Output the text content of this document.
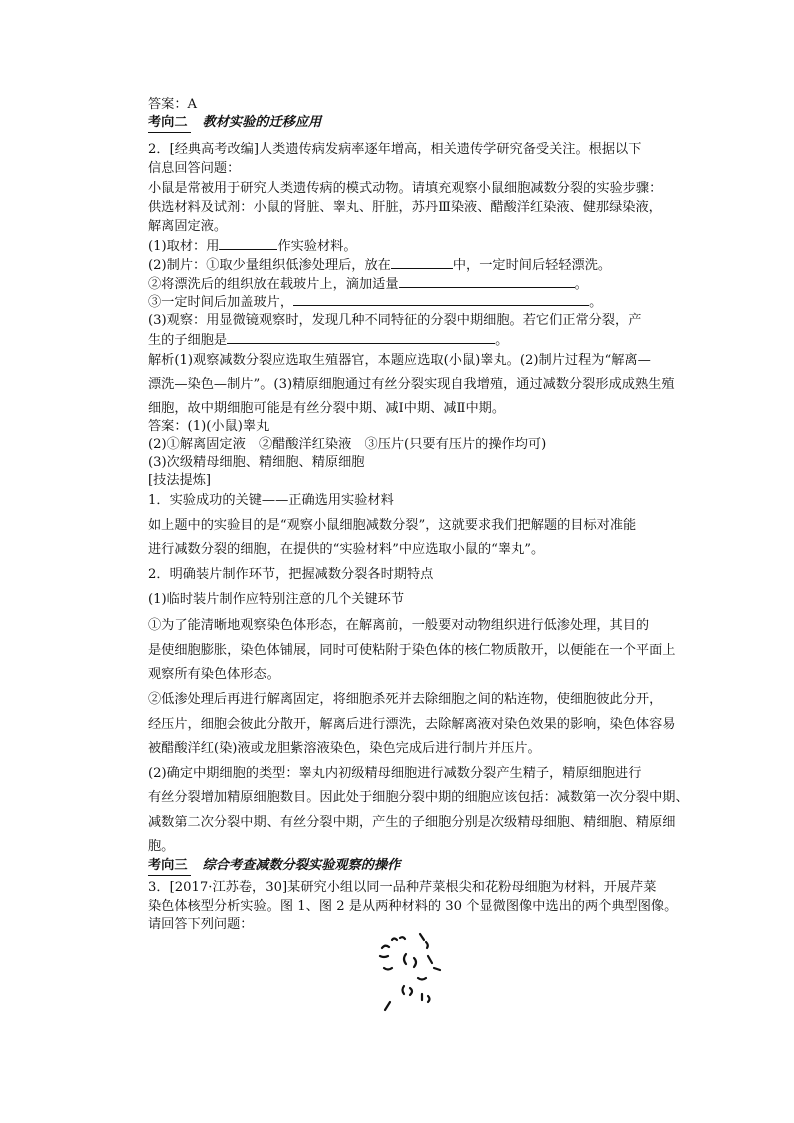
答案：A
考向二 教材实验的迁移应用
2．[经典高考改编]人类遗传病发病率逐年增高，相关遗传学研究备受关注。根据以下
信息回答问题：
小鼠是常被用于研究人类遗传病的模式动物。请填充观察小鼠细胞减数分裂的实验步骤：
供选材料及试剂：小鼠的肾脏、睾丸、肝脏，苏丹Ⅲ染液、醋酸洋红染液、健那绿染液，
解离固定液。
(1)取材：用	作实验材料。
(2)制片：①取少量组织低渗处理后，放在	中，一定时间后轻轻漂洗。
②将漂洗后的组织放在载玻片上，滴加适量	。
③一定时间后加盖玻片，	。
(3)观察：用显微镜观察时，发现几种不同特征的分裂中期细胞。若它们正常分裂，产
生的子细胞是	。
解析(1)观察减数分裂应选取生殖器官，本题应选取(小鼠)睾丸。(2)制片过程为“解离—
漂洗—染色—制片”。(3)精原细胞通过有丝分裂实现自我增殖，通过减数分裂形成成熟生殖
细胞，故中期细胞可能是有丝分裂中期、减Ⅰ中期、减Ⅱ中期。
答案：(1)(小鼠)睾丸
(2)①解离固定液　②醋酸洋红染液　③压片(只要有压片的操作均可)
(3)次级精母细胞、精细胞、精原细胞
[技法提炼]
1．实验成功的关键——正确选用实验材料
如上题中的实验目的是“观察小鼠细胞减数分裂”，这就要求我们把解题的目标对准能
进行减数分裂的细胞，在提供的“实验材料”中应选取小鼠的“睾丸”。
2．明确装片制作环节，把握减数分裂各时期特点
(1)临时装片制作应特别注意的几个关键环节
①为了能清晰地观察染色体形态，在解离前，一般要对动物组织进行低渗处理，其目的
是使细胞膨胀，染色体铺展，同时可使粘附于染色体的核仁物质散开，以便能在一个平面上
观察所有染色体形态。
②低渗处理后再进行解离固定，将细胞杀死并去除细胞之间的粘连物，使细胞彼此分开，
经压片，细胞会彼此分散开，解离后进行漂洗，去除解离液对染色效果的影响，染色体容易
被醋酸洋红(染)液或龙胆紫溶液染色，染色完成后进行制片并压片。
(2)确定中期细胞的类型：睾丸内初级精母细胞进行减数分裂产生精子，精原细胞进行
有丝分裂增加精原细胞数目。因此处于细胞分裂中期的细胞应该包括：减数第一次分裂中期、
减数第二次分裂中期、有丝分裂中期，产生的子细胞分别是次级精母细胞、精细胞、精原细
胞。
考向三 综合考查减数分裂实验观察的操作
3．[2017·江苏卷，30]某研究小组以同一品种芹菜根尖和花粉母细胞为材料，开展芹菜
染色体核型分析实验。图 1、图 2 是从两种材料的 30 个显微图像中选出的两个典型图像。
请回答下列问题：
